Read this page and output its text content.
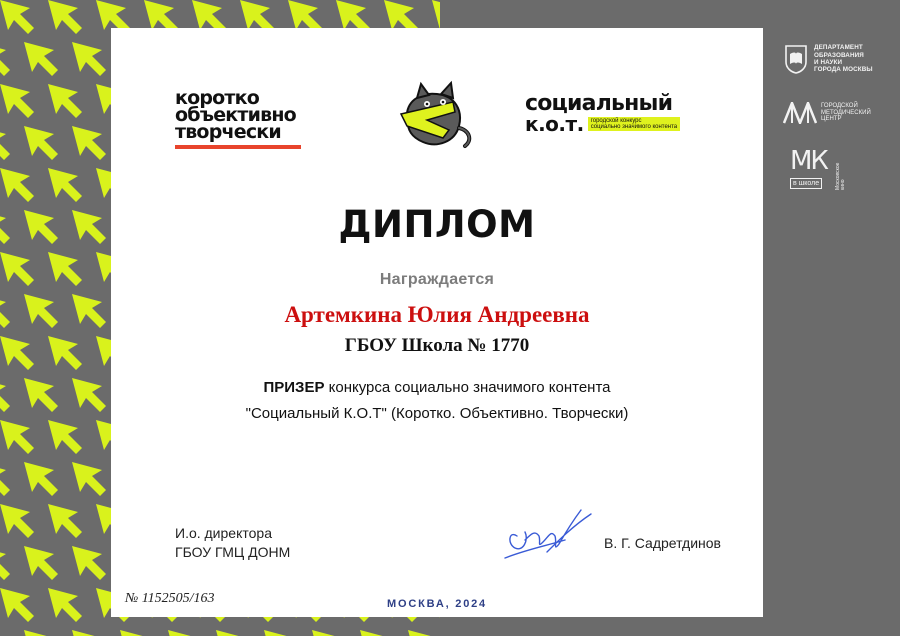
коротко
объективно
творчески
социальный
к.о.т. городской конкурс
социально значимого контента
ДИПЛОМ
Награждается
Артемкина Юлия Андреевна
ГБОУ Школа № 1770
ПРИЗЕР конкурса социально значимого контента "Социальный К.О.Т" (Коротко. Объективно. Творчески)
И.о. директора
ГБОУ ГМЦ ДОНМ
В. Г. Садретдинов
№ 1152505/163	МОСКВА, 2024
ДЕПАРТАМЕНТ
ОБРАЗОВАНИЯ
И НАУКИ
ГОРОДА МОСКВЫ
ГОРОДСКОЙ
МЕТОДИЧЕСКИЙ
ЦЕНТР
МК
Московское кино
в школе
